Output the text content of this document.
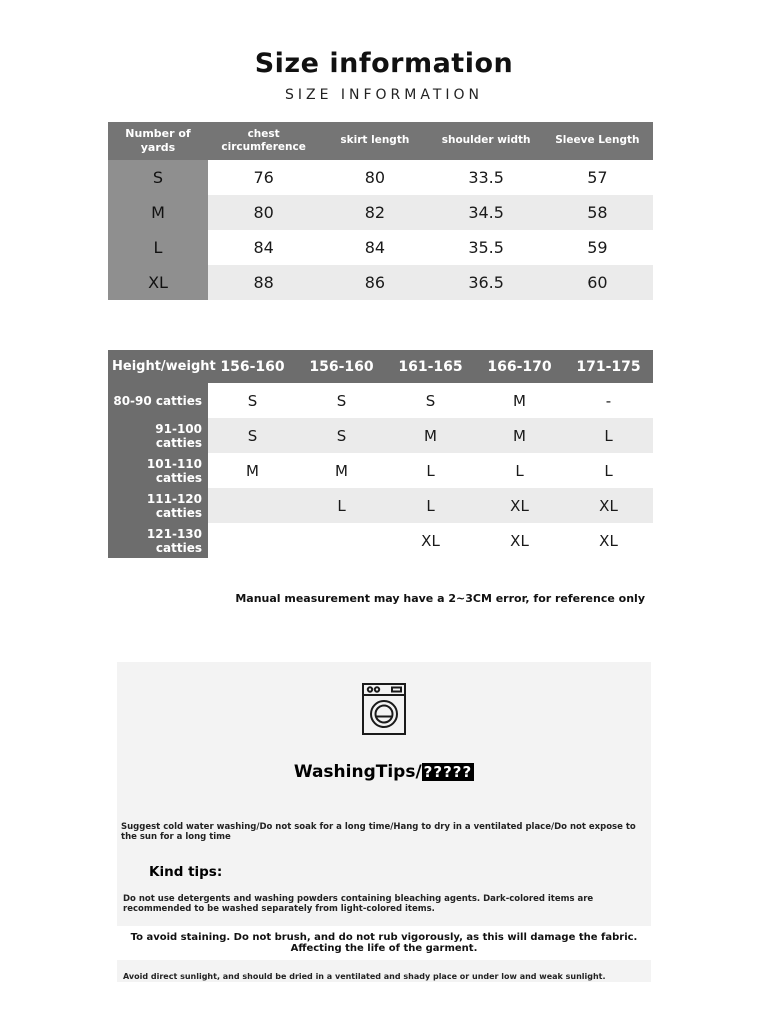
Size information
SIZE INFORMATION
Number of yards	chest circumference	skirt length	shoulder width	Sleeve Length
S	76	80	33.5	57
M	80	82	34.5	58
L	84	84	35.5	59
XL	88	86	36.5	60
Height/weight	156-160	156-160	161-165	166-170	171-175
80-90 catties	S	S	S	M	-
91-100 catties	S	S	M	M	L
101-110 catties	M	M	L	L	L
111-120 catties		L	L	XL	XL
121-130 catties			XL	XL	XL
Manual measurement may have a 2~3CM error, for reference only
WashingTips/ ?????
Suggest cold water washing/Do not soak for a long time/Hang to dry in a ventilated place/Do not expose to the sun for a long time
Kind tips:
Do not use detergents and washing powders containing bleaching agents. Dark-colored items are recommended to be washed separately from light-colored items.
To avoid staining. Do not brush, and do not rub vigorously, as this will damage the fabric. Affecting the life of the garment.
Avoid direct sunlight, and should be dried in a ventilated and shady place or under low and weak sunlight.
